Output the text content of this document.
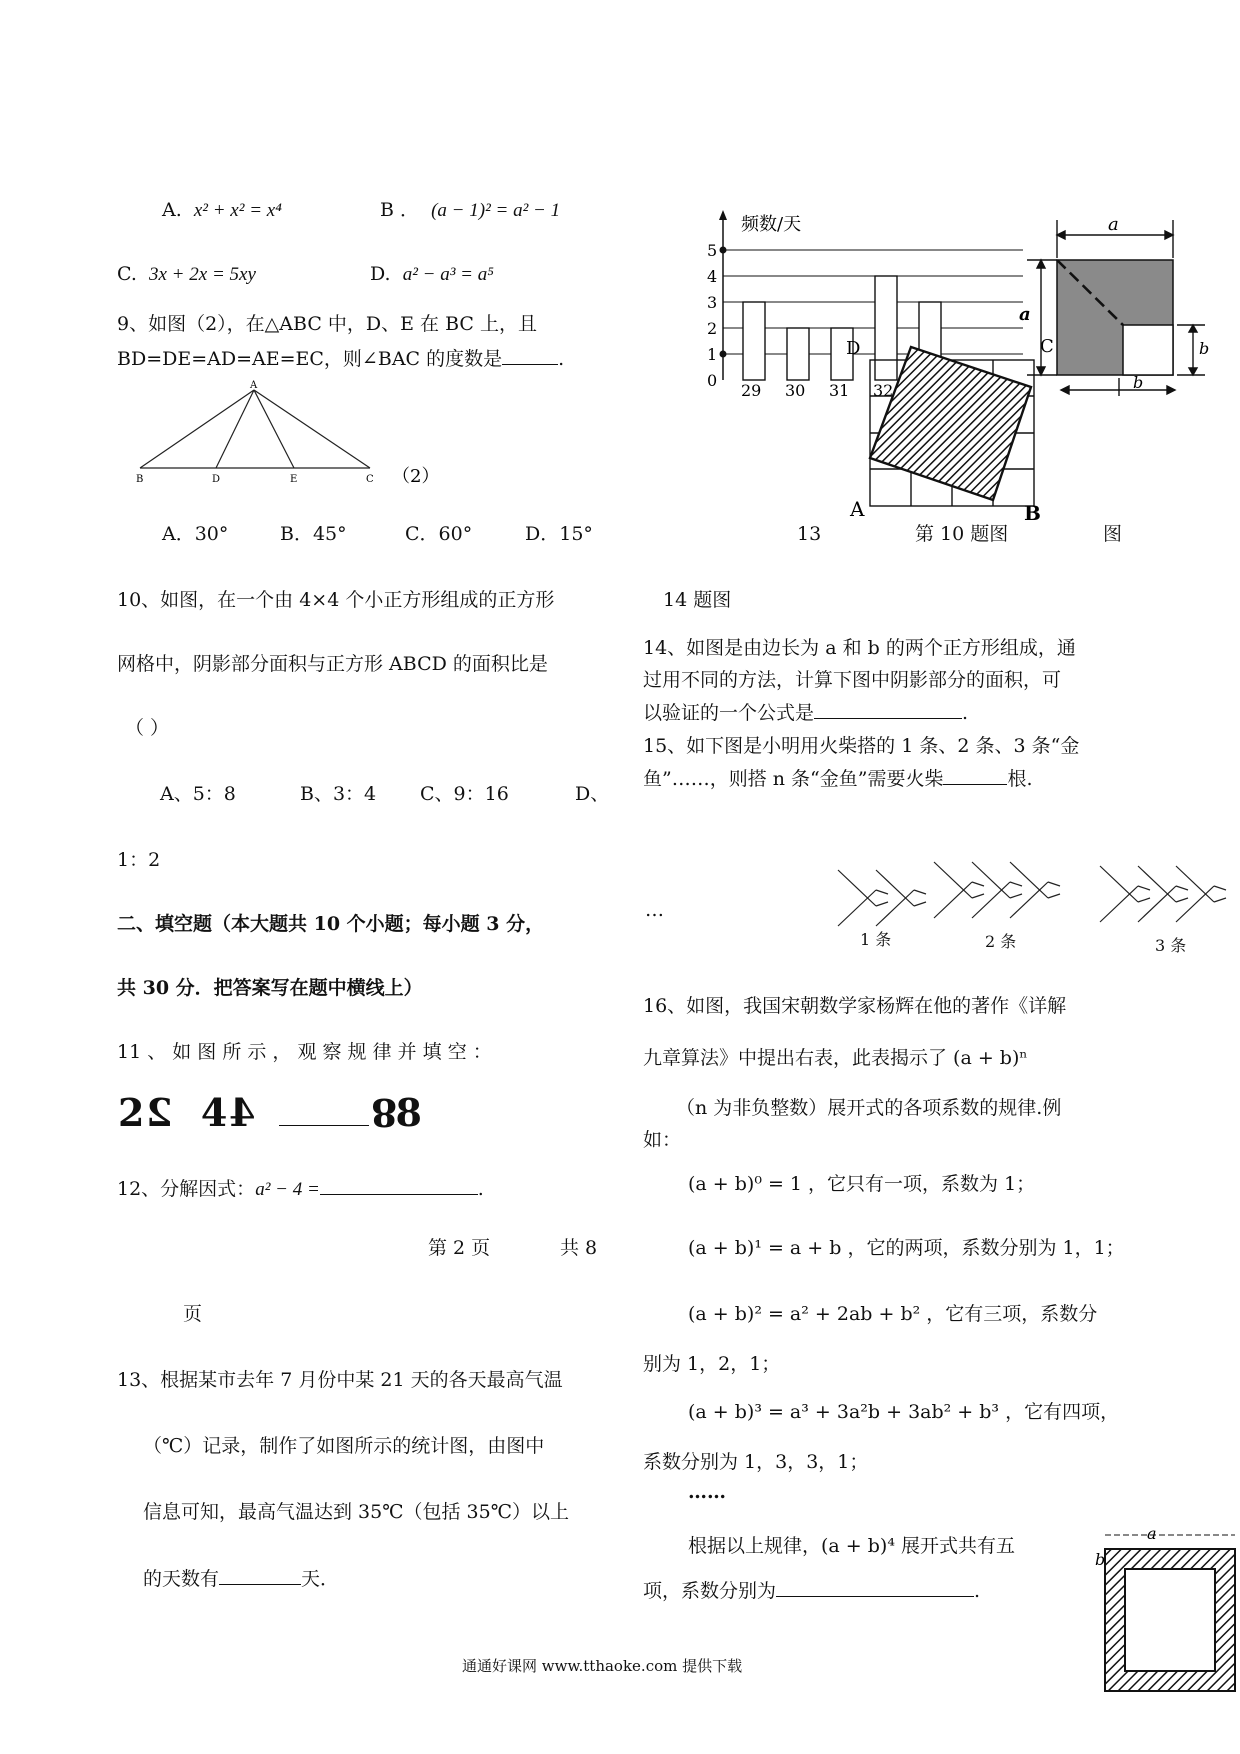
A. x² + x² = x⁴	B ． (a − 1)² = a² − 1
C. 3x + 2x = 5xy	D. a² − a³ = a⁵
9、如图（2），在△ABC 中，D、E 在 BC 上，且
BD=DE=AD=AE=EC，则∠BAC 的度数是	.
A
B	D	E	C （2）
A．30°	B．45°	C．60°	D．15°
10、如图，在一个由 4×4 个小正方形组成的正方形
网格中，阴影部分面积与正方形 ABCD 的面积比是
（ ）
A、5：8	B、3：4 C、9：16	D、
1：2
二、填空题（本大题共 10 个小题；每小题 3 分，
共 30 分．把答案写在题中横线上）
11 、 如 图 所 示 ， 观 察 规 律 并 填 空 ：
22 44	88
12、分解因式：a² − 4 =	.
第 2 页	共 8
页
13、根据某市去年 7 月份中某 21 天的各天最高气温
（℃）记录，制作了如图所示的统计图，由图中
信息可知，最高气温达到 35℃（包括 35℃）以上
的天数有	天．
频数/天
0
1
2
3
4
5
29 30 31 32
A	B
D	C
a
a
b
b
13	第 10 题图	图
14 题图
14、如图是由边长为 a 和 b 的两个正方形组成，通
过用不同的方法，计算下图中阴影部分的面积，可
以验证的一个公式是	.
15、如下图是小明用火柴搭的 1 条、2 条、3 条“金
鱼”……，则搭 n 条“金鱼”需要火柴	根.
…
1 条	2 条	3 条
16、如图，我国宋朝数学家杨辉在他的著作《详解
九章算法》中提出右表，此表揭示了 (a + b)ⁿ
（n 为非负整数）展开式的各项系数的规律.例
如：
(a + b)⁰ = 1 ，它只有一项，系数为 1；
(a + b)¹ = a + b ，它的两项，系数分别为 1，1；
(a + b)² = a² + 2ab + b² ，它有三项，系数分
别为 1，2，1；
(a + b)³ = a³ + 3a²b + 3ab² + b³ ，它有四项，
系数分别为 1，3，3，1；
……
根据以上规律，(a + b)⁴ 展开式共有五
项，系数分别为	.
a
b
通通好课网 www.tthaoke.com 提供下载
